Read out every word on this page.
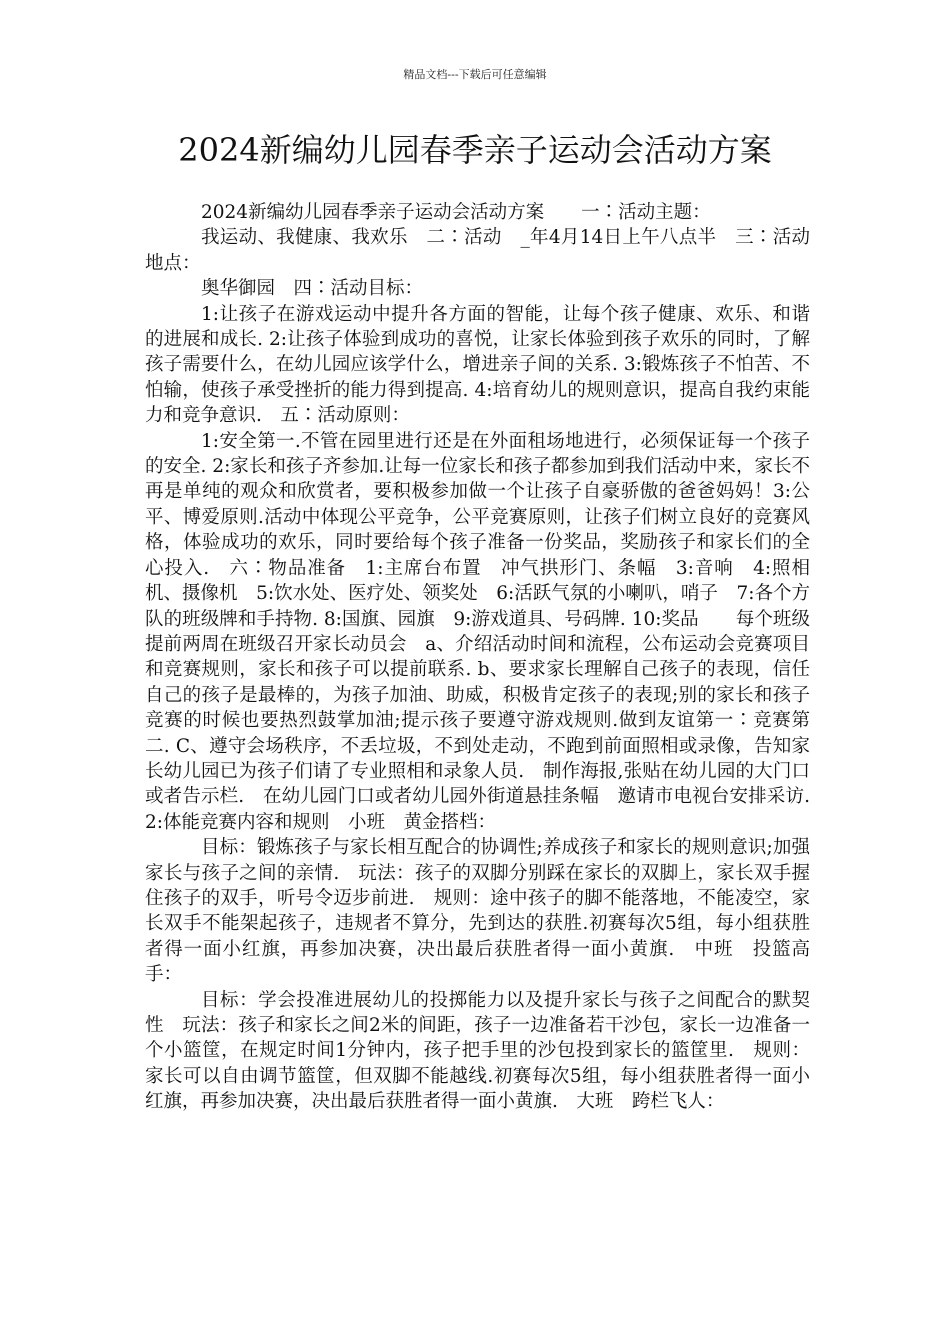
精品文档---下载后可任意编辑
2024新编幼儿园春季亲子运动会活动方案

2024新编幼儿园春季亲子运动会活动方案　　一∶活动主题：

我运动、我健康、我欢乐　二∶活动　_年4月14日上午八点半　三∶活动地点：

奥华御园　四∶活动目标：

1:让孩子在游戏运动中提升各方面的智能，让每个孩子健康、欢乐、和谐的进展和成长. 2:让孩子体验到成功的喜悦，让家长体验到孩子欢乐的同时，了解孩子需要什么，在幼儿园应该学什么，增进亲子间的关系. 3:锻炼孩子不怕苦、不怕输，使孩子承受挫折的能力得到提高. 4:培育幼儿的规则意识，提高自我约束能力和竞争意识.　五∶活动原则：

1:安全第一.不管在园里进行还是在外面租场地进行，必须保证每一个孩子的安全. 2:家长和孩子齐参加.让每一位家长和孩子都参加到我们活动中来，家长不再是单纯的观众和欣赏者，要积极参加做一个让孩子自豪骄傲的爸爸妈妈！3:公平、博爱原则.活动中体现公平竞争，公平竞赛原则，让孩子们树立良好的竞赛风格，体验成功的欢乐，同时要给每个孩子准备一份奖品，奖励孩子和家长们的全心投入.　六∶物品准备　1:主席台布置　冲气拱形门、条幅　3:音响　4:照相机、摄像机　5:饮水处、医疗处、领奖处　6:活跃气氛的小喇叭，哨子　7:各个方队的班级牌和手持物. 8:国旗、园旗　9:游戏道具、号码牌. 10:奖品　　每个班级提前两周在班级召开家长动员会　a、介绍活动时间和流程，公布运动会竞赛项目和竞赛规则，家长和孩子可以提前联系. b、要求家长理解自己孩子的表现，信任自己的孩子是最棒的，为孩子加油、助威，积极肯定孩子的表现;别的家长和孩子竞赛的时候也要热烈鼓掌加油;提示孩子要遵守游戏规则.做到友谊第一∶竞赛第二. C、遵守会场秩序，不丢垃圾，不到处走动，不跑到前面照相或录像，告知家长幼儿园已为孩子们请了专业照相和录象人员.　制作海报,张贴在幼儿园的大门口或者告示栏.　在幼儿园门口或者幼儿园外街道悬挂条幅　邀请市电视台安排采访. 2:体能竞赛内容和规则　小班　黄金搭档：

目标：锻炼孩子与家长相互配合的协调性;养成孩子和家长的规则意识;加强家长与孩子之间的亲情.　玩法：孩子的双脚分别踩在家长的双脚上，家长双手握住孩子的双手，听号令迈步前进.　规则：途中孩子的脚不能落地，不能凌空，家长双手不能架起孩子，违规者不算分，先到达的获胜.初赛每次5组，每小组获胜者得一面小红旗，再参加决赛，决出最后获胜者得一面小黄旗.　中班　投篮高手：

目标：学会投准进展幼儿的投掷能力以及提升家长与孩子之间配合的默契性　玩法：孩子和家长之间2米的间距，孩子一边准备若干沙包，家长一边准备一个小篮筐，在规定时间1分钟内，孩子把手里的沙包投到家长的篮筐里.　规则：家长可以自由调节篮筐，但双脚不能越线.初赛每次5组，每小组获胜者得一面小红旗，再参加决赛，决出最后获胜者得一面小黄旗.　大班　跨栏飞人：
